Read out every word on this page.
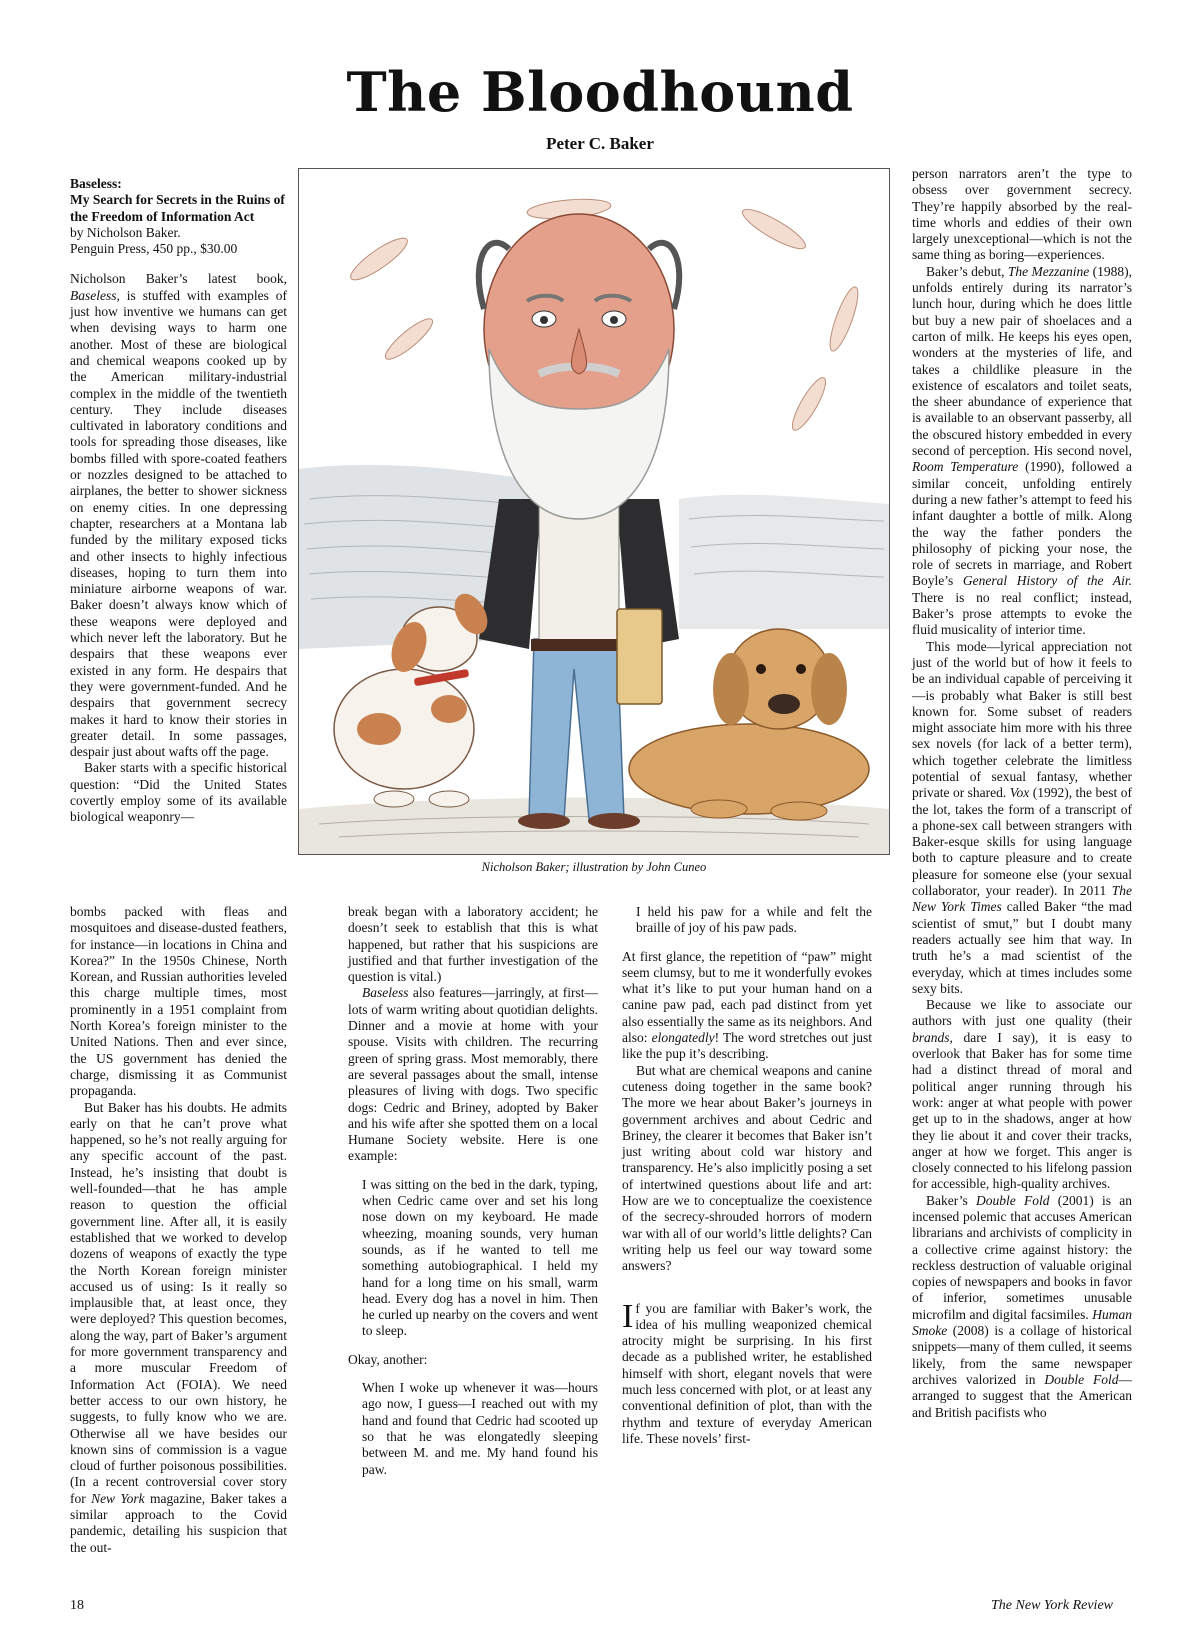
The Bloodhound
Peter C. Baker
Baseless:
My Search for Secrets in the Ruins of the Freedom of Information Act
by Nicholson Baker.
Penguin Press, 450 pp., $30.00

Nicholson Baker’s latest book, Baseless, is stuffed with examples of just how inventive we humans can get when devising ways to harm one another. Most of these are biological and chemical weapons cooked up by the American military-industrial complex in the middle of the twentieth century. They include diseases cultivated in laboratory conditions and tools for spreading those diseases, like bombs filled with spore-coated feathers or nozzles designed to be attached to airplanes, the better to shower sickness on enemy cities. In one depressing chapter, researchers at a Montana lab funded by the military exposed ticks and other insects to highly infectious diseases, hoping to turn them into miniature airborne weapons of war. Baker doesn’t always know which of these weapons were deployed and which never left the laboratory. But he despairs that these weapons ever existed in any form. He despairs that they were government-funded. And he despairs that government secrecy makes it hard to know their stories in greater detail. In some passages, despair just about wafts off the page.

Baker starts with a specific historical question: “Did the United States covertly employ some of its available biological weaponry—

bombs packed with fleas and mosquitoes and disease-dusted feathers, for instance—in locations in China and Korea?” In the 1950s Chinese, North Korean, and Russian authorities leveled this charge multiple times, most prominently in a 1951 complaint from North Korea’s foreign minister to the United Nations. Then and ever since, the US government has denied the charge, dismissing it as Communist propaganda.

But Baker has his doubts. He admits early on that he can’t prove what happened, so he’s not really arguing for any specific account of the past. Instead, he’s insisting that doubt is well-founded—that he has ample reason to question the official government line. After all, it is easily established that we worked to develop dozens of weapons of exactly the type the North Korean foreign minister accused us of using: Is it really so implausible that, at least once, they were deployed? This question becomes, along the way, part of Baker’s argument for more government transparency and a more muscular Freedom of Information Act (FOIA). We need better access to our own history, he suggests, to fully know who we are. Otherwise all we have besides our known sins of commission is a vague cloud of further poisonous possibilities. (In a recent controversial cover story for New York magazine, Baker takes a similar approach to the Covid pandemic, detailing his suspicion that the out-

break began with a laboratory accident; he doesn’t seek to establish that this is what happened, but rather that his suspicions are justified and that further investigation of the question is vital.)

Baseless also features—jarringly, at first—lots of warm writing about quotidian delights. Dinner and a movie at home with your spouse. Visits with children. The recurring green of spring grass. Most memorably, there are several passages about the small, intense pleasures of living with dogs. Two specific dogs: Cedric and Briney, adopted by Baker and his wife after she spotted them on a local Humane Society website. Here is one example:

I was sitting on the bed in the dark, typing, when Cedric came over and set his long nose down on my keyboard. He made wheezing, moaning sounds, very human sounds, as if he wanted to tell me something autobiographical. I held my hand for a long time on his small, warm head. Every dog has a novel in him. Then he curled up nearby on the covers and went to sleep.

Okay, another:

When I woke up whenever it was—hours ago now, I guess—I reached out with my hand and found that Cedric had scooted up so that he was elongatedly sleeping between M. and me. My hand found his paw.

I held his paw for a while and felt the braille of joy of his paw pads.

At first glance, the repetition of “paw” might seem clumsy, but to me it wonderfully evokes what it’s like to put your human hand on a canine paw pad, each pad distinct from yet also essentially the same as its neighbors. And also: elongatedly! The word stretches out just like the pup it’s describing.

But what are chemical weapons and canine cuteness doing together in the same book? The more we hear about Baker’s journeys in government archives and about Cedric and Briney, the clearer it becomes that Baker isn’t just writing about cold war history and transparency. He’s also implicitly posing a set of intertwined questions about life and art: How are we to conceptualize the coexistence of the secrecy-shrouded horrors of modern war with all of our world’s little delights? Can writing help us feel our way toward some answers?

If you are familiar with Baker’s work, the idea of his mulling weaponized chemical atrocity might be surprising. In his first decade as a published writer, he established himself with short, elegant novels that were much less concerned with plot, or at least any conventional definition of plot, than with the rhythm and texture of everyday American life. These novels’ first-

person narrators aren’t the type to obsess over government secrecy. They’re happily absorbed by the real-time whorls and eddies of their own largely unexceptional—which is not the same thing as boring—experiences.

Baker’s debut, The Mezzanine (1988), unfolds entirely during its narrator’s lunch hour, during which he does little but buy a new pair of shoelaces and a carton of milk. He keeps his eyes open, wonders at the mysteries of life, and takes a childlike pleasure in the existence of escalators and toilet seats, the sheer abundance of experience that is available to an observant passerby, all the obscured history embedded in every second of perception. His second novel, Room Temperature (1990), followed a similar conceit, unfolding entirely during a new father’s attempt to feed his infant daughter a bottle of milk. Along the way the father ponders the philosophy of picking your nose, the role of secrets in marriage, and Robert Boyle’s General History of the Air. There is no real conflict; instead, Baker’s prose attempts to evoke the fluid musicality of interior time.

This mode—lyrical appreciation not just of the world but of how it feels to be an individual capable of perceiving it—is probably what Baker is still best known for. Some subset of readers might associate him more with his three sex novels (for lack of a better term), which together celebrate the limitless potential of sexual fantasy, whether private or shared. Vox (1992), the best of the lot, takes the form of a transcript of a phone-sex call between strangers with Baker-esque skills for using language both to capture pleasure and to create pleasure for someone else (your sexual collaborator, your reader). In 2011 The New York Times called Baker “the mad scientist of smut,” but I doubt many readers actually see him that way. In truth he’s a mad scientist of the everyday, which at times includes some sexy bits.

Because we like to associate our authors with just one quality (their brands, dare I say), it is easy to overlook that Baker has for some time had a distinct thread of moral and political anger running through his work: anger at what people with power get up to in the shadows, anger at how they lie about it and cover their tracks, anger at how we forget. This anger is closely connected to his lifelong passion for accessible, high-quality archives.

Baker’s Double Fold (2001) is an incensed polemic that accuses American librarians and archivists of complicity in a collective crime against history: the reckless destruction of valuable original copies of newspapers and books in favor of inferior, sometimes unusable microfilm and digital facsimiles. Human Smoke (2008) is a collage of historical snippets—many of them culled, it seems likely, from the same newspaper archives valorized in Double Fold—arranged to suggest that the American and British pacifists who

Nicholson Baker; illustration by John Cuneo
18	The New York Review
